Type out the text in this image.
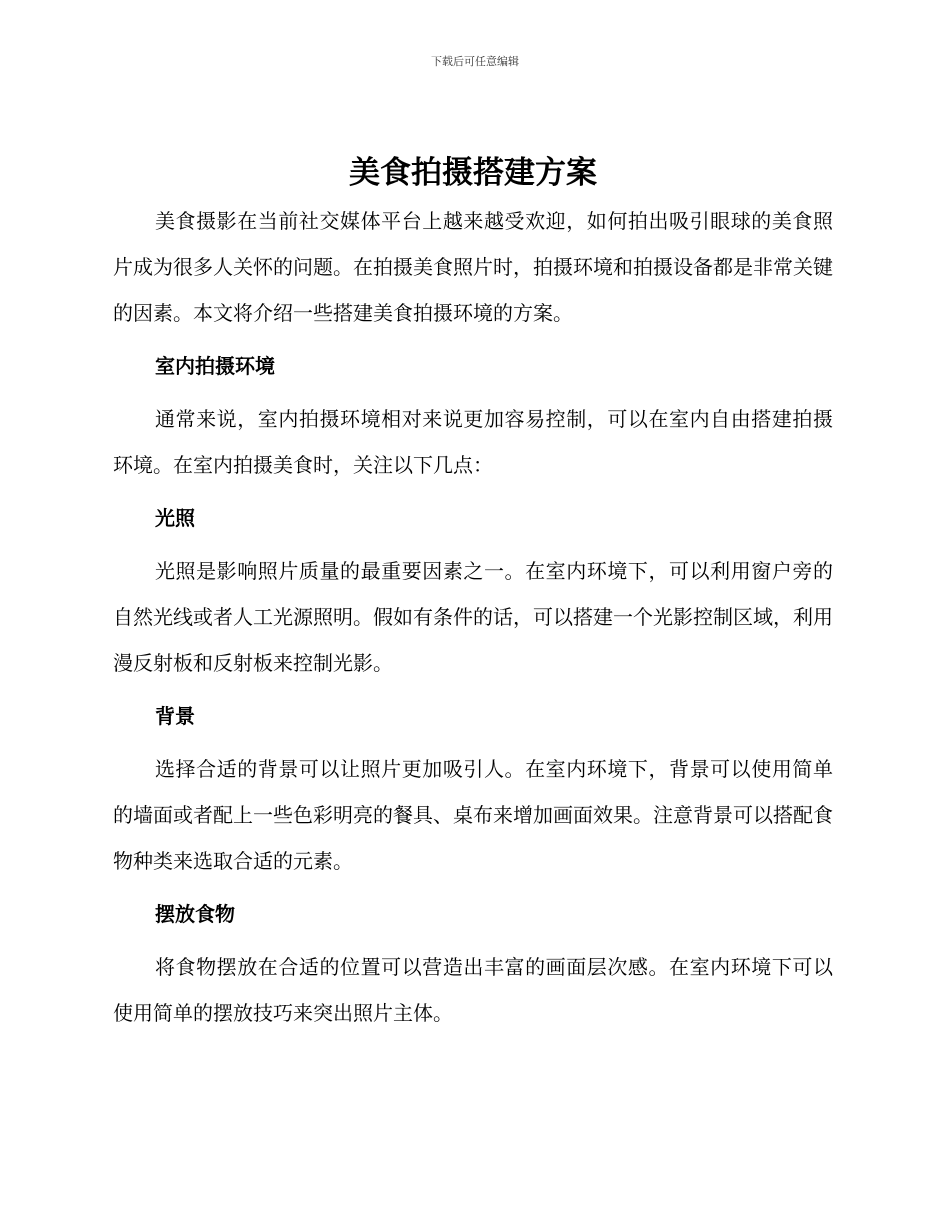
下载后可任意编辑
美食拍摄搭建方案

美食摄影在当前社交媒体平台上越来越受欢迎，如何拍出吸引眼球的美食照片成为很多人关怀的问题。在拍摄美食照片时，拍摄环境和拍摄设备都是非常关键的因素。本文将介绍一些搭建美食拍摄环境的方案。

室内拍摄环境

通常来说，室内拍摄环境相对来说更加容易控制，可以在室内自由搭建拍摄环境。在室内拍摄美食时，关注以下几点：

光照

光照是影响照片质量的最重要因素之一。在室内环境下，可以利用窗户旁的自然光线或者人工光源照明。假如有条件的话，可以搭建一个光影控制区域，利用漫反射板和反射板来控制光影。

背景

选择合适的背景可以让照片更加吸引人。在室内环境下，背景可以使用简单的墙面或者配上一些色彩明亮的餐具、桌布来增加画面效果。注意背景可以搭配食物种类来选取合适的元素。

摆放食物

将食物摆放在合适的位置可以营造出丰富的画面层次感。在室内环境下可以使用简单的摆放技巧来突出照片主体。
